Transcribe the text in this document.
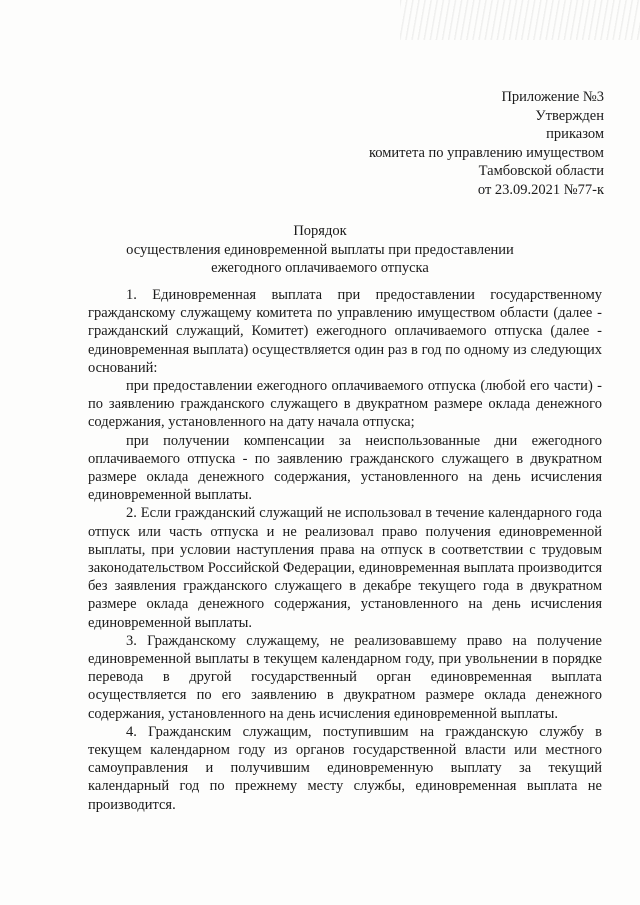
Приложение №3
Утвержден
приказом
комитета по управлению имуществом
Тамбовской области
от 23.09.2021 №77-к
Порядок
осуществления единовременной выплаты при предоставлении
ежегодного оплачиваемого отпуска

1. Единовременная выплата при предоставлении государственному гражданскому служащему комитета по управлению имуществом области (далее - гражданский служащий, Комитет) ежегодного оплачиваемого отпуска (далее - единовременная выплата) осуществляется один раз в год по одному из следующих оснований:

при предоставлении ежегодного оплачиваемого отпуска (любой его части) - по заявлению гражданского служащего в двукратном размере оклада денежного содержания, установленного на дату начала отпуска;

при получении компенсации за неиспользованные дни ежегодного оплачиваемого отпуска - по заявлению гражданского служащего в двукратном размере оклада денежного содержания, установленного на день исчисления единовременной выплаты.

2. Если гражданский служащий не использовал в течение календарного года отпуск или часть отпуска и не реализовал право получения единовременной выплаты, при условии наступления права на отпуск в соответствии с трудовым законодательством Российской Федерации, единовременная выплата производится без заявления гражданского служащего в декабре текущего года в двукратном размере оклада денежного содержания, установленного на день исчисления единовременной выплаты.

3. Гражданскому служащему, не реализовавшему право на получение единовременной выплаты в текущем календарном году, при увольнении в порядке перевода в другой государственный орган единовременная выплата осуществляется по его заявлению в двукратном размере оклада денежного содержания, установленного на день исчисления единовременной выплаты.

4. Гражданским служащим, поступившим на гражданскую службу в текущем календарном году из органов государственной власти или местного самоуправления и получившим единовременную выплату за текущий календарный год по прежнему месту службы, единовременная выплата не производится.
